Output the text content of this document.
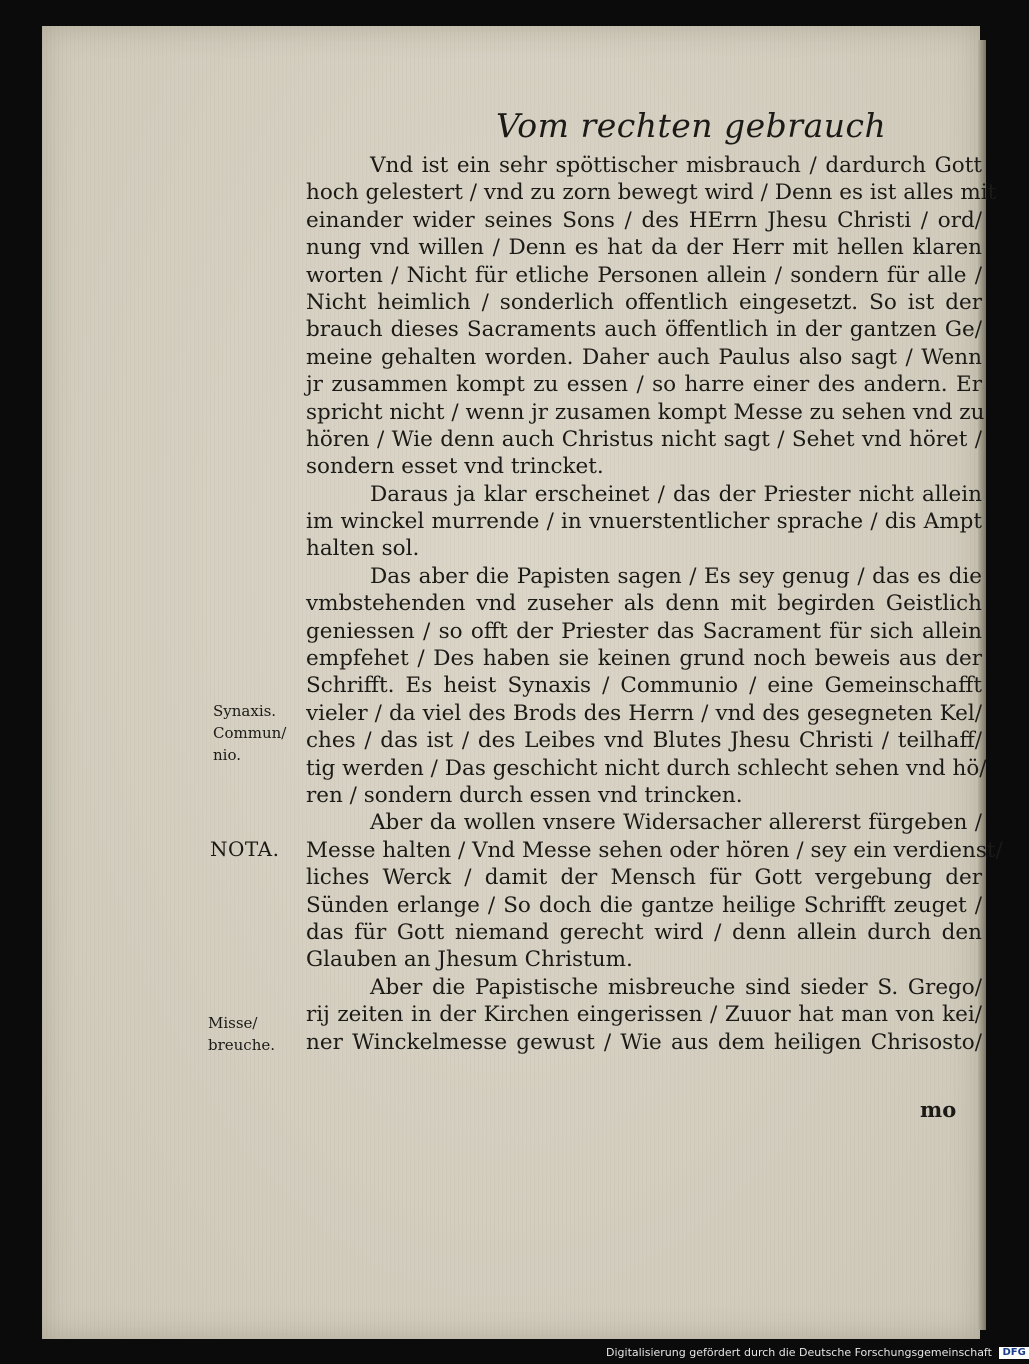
Vom rechten gebrauch
Vnd ist ein sehr spöttischer misbrauch / dardurch Gott
hoch gelestert / vnd zu zorn bewegt wird / Denn es ist alles mit
einander wider seines Sons / des HErrn Jhesu Christi / ord/
nung vnd willen / Denn es hat da der Herr mit hellen klaren
worten / Nicht für etliche Personen allein / sondern für alle /
Nicht heimlich / sonderlich offentlich eingesetzt. So ist der
brauch dieses Sacraments auch öffentlich in der gantzen Ge/
meine gehalten worden. Daher auch Paulus also sagt / Wenn
jr zusammen kompt zu essen / so harre einer des andern. Er
spricht nicht / wenn jr zusamen kompt Messe zu sehen vnd zu
hören / Wie denn auch Christus nicht sagt / Sehet vnd höret /
sondern esset vnd trincket.
Daraus ja klar erscheinet / das der Priester nicht allein
im winckel murrende / in vnuerstentlicher sprache / dis Ampt
halten sol.
Das aber die Papisten sagen / Es sey genug / das es die
vmbstehenden vnd zuseher als denn mit begirden Geistlich
geniessen / so offt der Priester das Sacrament für sich allein
empfehet / Des haben sie keinen grund noch beweis aus der
Schrifft. Es heist Synaxis / Communio / eine Gemeinschafft
vieler / da viel des Brods des Herrn / vnd des gesegneten Kel/
ches / das ist / des Leibes vnd Blutes Jhesu Christi / teilhaff/
tig werden / Das geschicht nicht durch schlecht sehen vnd hö/
ren / sondern durch essen vnd trincken.
Aber da wollen vnsere Widersacher allererst fürgeben /
Messe halten / Vnd Messe sehen oder hören / sey ein verdienst/
liches Werck / damit der Mensch für Gott vergebung der
Sünden erlange / So doch die gantze heilige Schrifft zeuget /
das für Gott niemand gerecht wird / denn allein durch den
Glauben an Jhesum Christum.
Aber die Papistische misbreuche sind sieder S. Grego/
rij zeiten in der Kirchen eingerissen / Zuuor hat man von kei/
ner Winckelmesse gewust / Wie aus dem heiligen Chrisosto/
Synaxis.
Commun/
nio.
NOTA.
Misse/
breuche.
mo
Digitalisierung gefördert durch die Deutsche Forschungsgemeinschaft DFG
